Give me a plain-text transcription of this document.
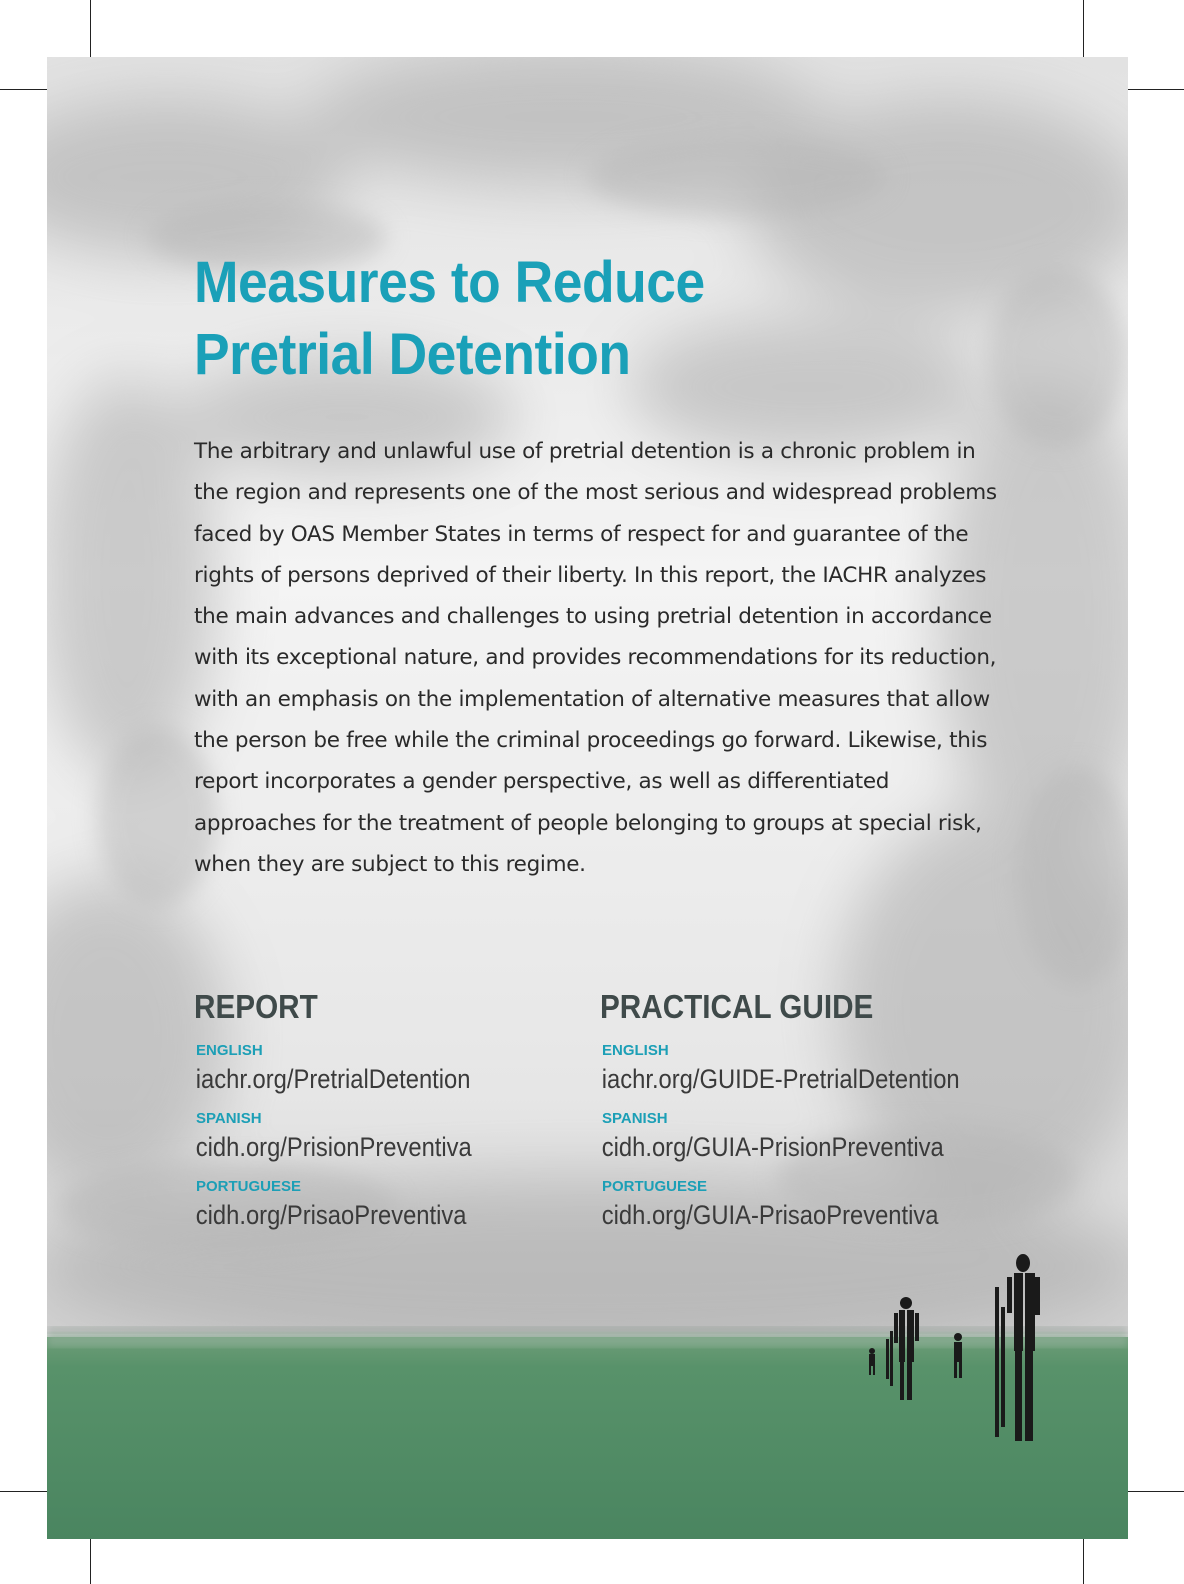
Measures to Reduce
Pretrial Detention

The arbitrary and unlawful use of pretrial detention is a chronic problem in the region and represents one of the most serious and widespread problems faced by OAS Member States in terms of respect for and guarantee of the rights of persons deprived of their liberty. In this report, the IACHR analyzes the main advances and challenges to using pretrial detention in accordance with its exceptional nature, and provides recommendations for its reduction, with an emphasis on the implementation of alternative measures that allow the person be free while the criminal proceedings go forward. Likewise, this report incorporates a gender perspective, as well as differentiated approaches for the treatment of people belonging to groups at special risk, when they are subject to this regime.

REPORT
ENGLISH
iachr.org/PretrialDetention
SPANISH
cidh.org/PrisionPreventiva
PORTUGUESE
cidh.org/PrisaoPreventiva
PRACTICAL GUIDE
ENGLISH
iachr.org/GUIDE-PretrialDetention
SPANISH
cidh.org/GUIA-PrisionPreventiva
PORTUGUESE
cidh.org/GUIA-PrisaoPreventiva
